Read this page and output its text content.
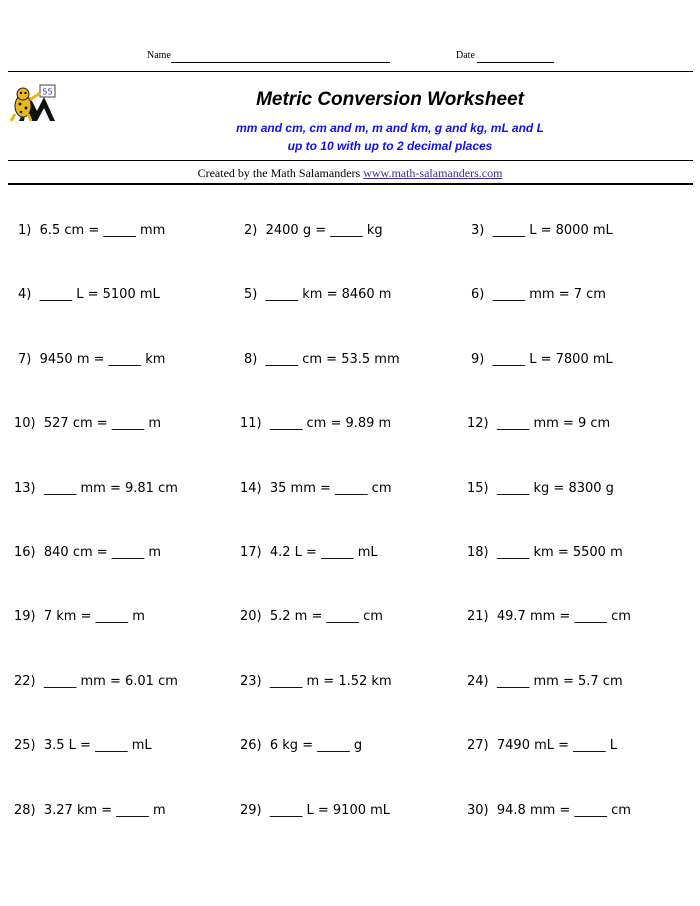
Name	Date
55	Metric Conversion Worksheet
mm and cm, cm and m, m and km, g and kg, mL and L
up to 10 with up to 2 decimal places
Created by the Math Salamanders www.math-salamanders.com
1)  6.5 cm = _____ mm	2)  2400 g = _____ kg	3)  _____ L = 8000 mL
4)  _____ L = 5100 mL	5)  _____ km = 8460 m	6)  _____ mm = 7 cm
7)  9450 m = _____ km	8)  _____ cm = 53.5 mm	9)  _____ L = 7800 mL
10)  527 cm = _____ m	11)  _____ cm = 9.89 m	12)  _____ mm = 9 cm
13)  _____ mm = 9.81 cm	14)  35 mm = _____ cm	15)  _____ kg = 8300 g
16)  840 cm = _____ m	17)  4.2 L = _____ mL	18)  _____ km = 5500 m
19)  7 km = _____ m	20)  5.2 m = _____ cm	21)  49.7 mm = _____ cm
22)  _____ mm = 6.01 cm	23)  _____ m = 1.52 km	24)  _____ mm = 5.7 cm
25)  3.5 L = _____ mL	26)  6 kg = _____ g	27)  7490 mL = _____ L
28)  3.27 km = _____ m	29)  _____ L = 9100 mL	30)  94.8 mm = _____ cm
